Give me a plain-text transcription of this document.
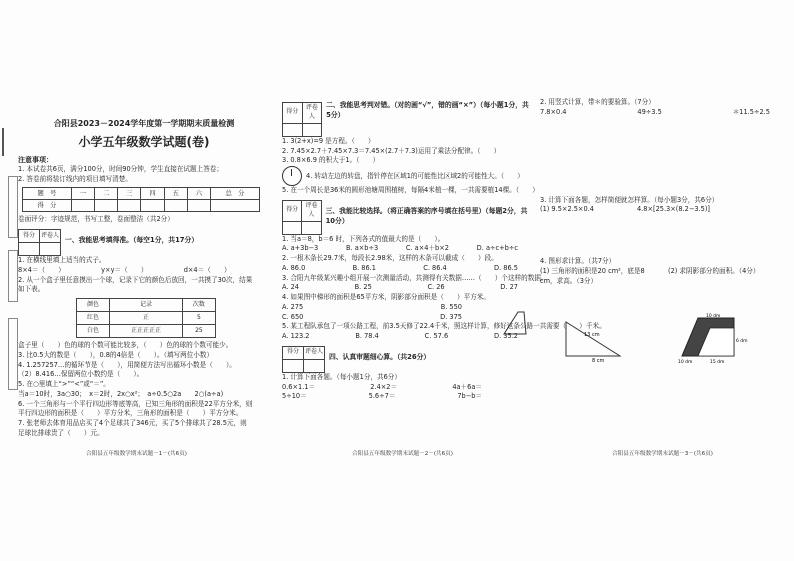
合阳县2023－2024学年度第一学期期末质量检测
小学五年级数学试题(卷)
注意事项：
1. 本试卷共6页，满分100分，时间90分钟，学生直接在试题上答卷；
2. 答卷前将装订线内的项目填写清楚。
题　号	一	二	三	四	五	六	总　分
得　分							
卷面评分：字迹规范，书写工整，卷面整洁（共2分）
得分	评卷人

一、我能思考填得准。（每空1分，共17分）
1. 在横线里填上适当的式子。
8×4＝（　　）　　　　　　y×y＝（　　）　　　　　　d×4＝（　　）
2. 从一个盒子里任意摸出一个球，记录下它的颜色后放回，一共摸了30次，结果
如下表。
颜色	记录	次数
红色	正	5
白色	正正正正正	25
盒子里（　　）色的球的个数可能比较多，（　　）色的球的个数可能少。
3. 比0.5大的数是（　　），0.8的4倍是（　　）。（填写两位小数）
4. 1.257257…的循环节是（　　），用简便方法写出循环小数是（　　）。
（2）8.416…保留两位小数约是（　　）。
5. 在○里填上“>”“<”或“＝”。
当a＝10时，3a○30；　x＝2时，2x○x²；　a÷0.5○2a　　2○(a÷a)
6. 一个三角形与一个平行四边形等底等高，已知三角形的面积是22平方分米，则
平行四边形的面积是（　　）平方分米，三角形的面积是（　　）平方分米。
7. 张老师去体育用品店买了4个足球共了346元，买了5个排球共了28.5元，则
足球比排球贵了（　　）元。
得分	评卷人

二、我能思考判对错。（对的画“√”，错的画“×”）（每小题1分，共5分）
1. 3(2+x)=9 是方程。（　　）
2. 7.45×2.7＋7.45×7.3＝7.45×(2.7＋7.3)运用了乘法分配律。（　　）
3. 0.8×6.9 的积大于1。（　　）
4. 转动左边的转盘，指针停在区域1的可能性比区域2的可能性大。（　　）
5. 在一个周长是36米的圆形池塘周围植树，每隔4米植一棵，一共需要植14棵。（　　）
得分	评卷人
	三、我能比较选择。（将正确答案的序号填在括号里）（每题2分，共10分）
1. 当a＝8，b＝6 时，下列各式的值最大的是（　　）。
A. a+3b−3	B. a×b÷3	C. a×4＋b×2	D. a÷c+b÷c
2. 一根木条长29.7米，每段长2.98米，这样的木条可以截成（　　）段。
A. 86.0	B. 86.1	C. 86.4	D. 86.5
3. 合阳九年级某兴趣小组开展一次测量活动，共测得有关数据……（　　）个这样的数据。
A. 24	B. 25	C. 26	D. 27
4. 如果图中梯形的面积是65平方米，阴影部分面积是（　　）平方米。
A. 275	B. 550
C. 650	D. 375
5. 某工程队承包了一项公路工程，前3.5天修了22.4千米，照这样计算，修好这条公路一共需要（　　）千米。
A. 123.2	B. 78.4	C. 57.6	D. 35.2
得分	评卷人

四、认真审题细心算。（共26分）
1. 计算下面各题。（每小题1分，共6分）
0.6×1.1＝	2.4×2＝	4a＋6a＝
5÷10＝	5.6÷7＝	7b−b＝
2. 用竖式计算，带＊的要验算。（7分）
7.8×0.4	49÷3.5	＊11.5÷2.5
3. 计算下面各题，怎样简便就怎样算。（每小题3分，共6分）
(1) 9.5×2.5×0.4	4.8×[25.3×(8.2−3.5)]
4. 图形求计算。（共7分）
(1) 三角形的面积是20 cm²，底是8 cm，求高。（3分）
(2) 求阴影部分的面积。（4分）
8 cm
13 cm
10 dm
6 dm
10 dm	15 dm
合阳县五年级数学期末试题－1－(共6页)	合阳县五年级数学期末试题－2－(共6页)	合阳县五年级数学期末试题－3－(共6页)
